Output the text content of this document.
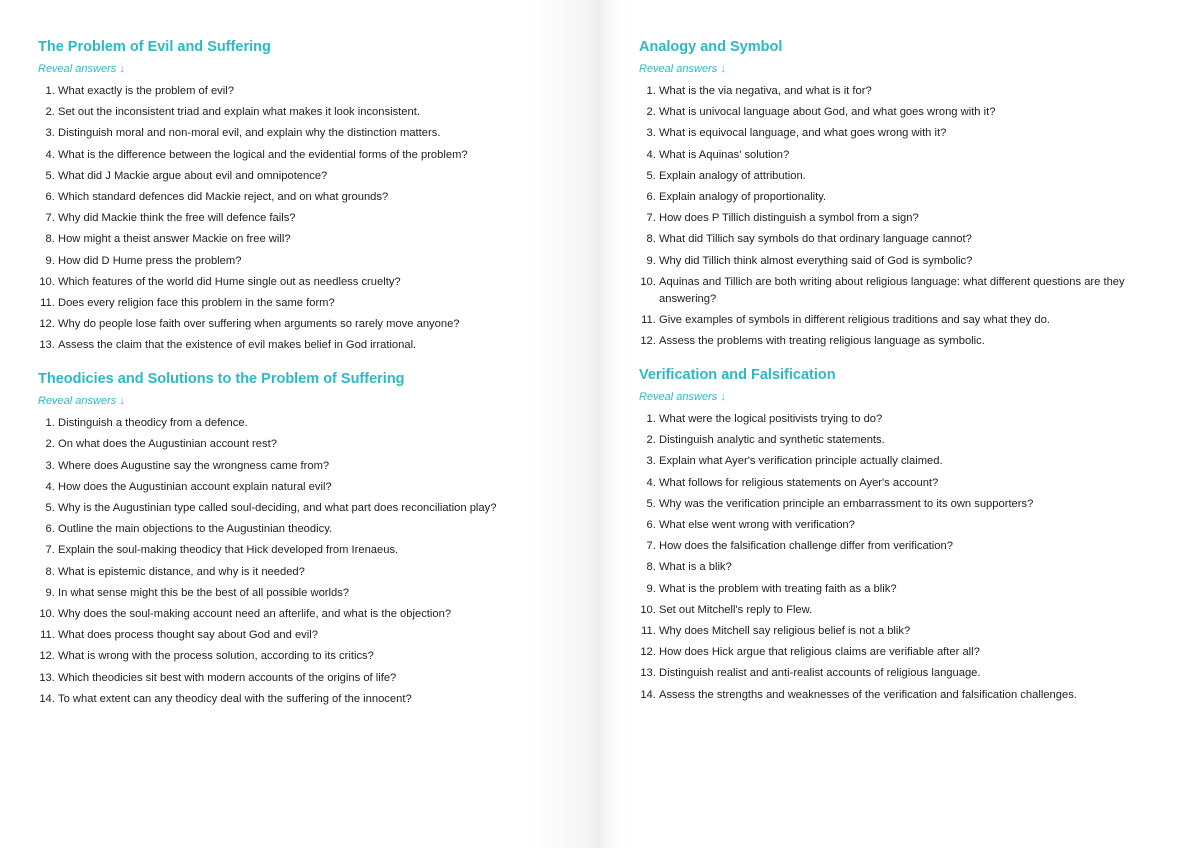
The Problem of Evil and Suffering
Reveal answers ↓
1. What exactly is the problem of evil?
2. Set out the inconsistent triad and explain what makes it look inconsistent.
3. Distinguish moral and non-moral evil, and explain why the distinction matters.
4. What is the difference between the logical and the evidential forms of the problem?
5. What did J Mackie argue about evil and omnipotence?
6. Which standard defences did Mackie reject, and on what grounds?
7. Why did Mackie think the free will defence fails?
8. How might a theist answer Mackie on free will?
9. How did D Hume press the problem?
10. Which features of the world did Hume single out as needless cruelty?
11. Does every religion face this problem in the same form?
12. Why do people lose faith over suffering when arguments so rarely move anyone?
13. Assess the claim that the existence of evil makes belief in God irrational.
Theodicies and Solutions to the Problem of Suffering
Reveal answers ↓
1. Distinguish a theodicy from a defence.
2. On what does the Augustinian account rest?
3. Where does Augustine say the wrongness came from?
4. How does the Augustinian account explain natural evil?
5. Why is the Augustinian type called soul-deciding, and what part does reconciliation play?
6. Outline the main objections to the Augustinian theodicy.
7. Explain the soul-making theodicy that Hick developed from Irenaeus.
8. What is epistemic distance, and why is it needed?
9. In what sense might this be the best of all possible worlds?
10. Why does the soul-making account need an afterlife, and what is the objection?
11. What does process thought say about God and evil?
12. What is wrong with the process solution, according to its critics?
13. Which theodicies sit best with modern accounts of the origins of life?
14. To what extent can any theodicy deal with the suffering of the innocent?
Analogy and Symbol
Reveal answers ↓
1. What is the via negativa, and what is it for?
2. What is univocal language about God, and what goes wrong with it?
3. What is equivocal language, and what goes wrong with it?
4. What is Aquinas' solution?
5. Explain analogy of attribution.
6. Explain analogy of proportionality.
7. How does P Tillich distinguish a symbol from a sign?
8. What did Tillich say symbols do that ordinary language cannot?
9. Why did Tillich think almost everything said of God is symbolic?
10. Aquinas and Tillich are both writing about religious language: what different questions are they answering?
11. Give examples of symbols in different religious traditions and say what they do.
12. Assess the problems with treating religious language as symbolic.
Verification and Falsification
Reveal answers ↓
1. What were the logical positivists trying to do?
2. Distinguish analytic and synthetic statements.
3. Explain what Ayer's verification principle actually claimed.
4. What follows for religious statements on Ayer's account?
5. Why was the verification principle an embarrassment to its own supporters?
6. What else went wrong with verification?
7. How does the falsification challenge differ from verification?
8. What is a blik?
9. What is the problem with treating faith as a blik?
10. Set out Mitchell's reply to Flew.
11. Why does Mitchell say religious belief is not a blik?
12. How does Hick argue that religious claims are verifiable after all?
13. Distinguish realist and anti-realist accounts of religious language.
14. Assess the strengths and weaknesses of the verification and falsification challenges.
